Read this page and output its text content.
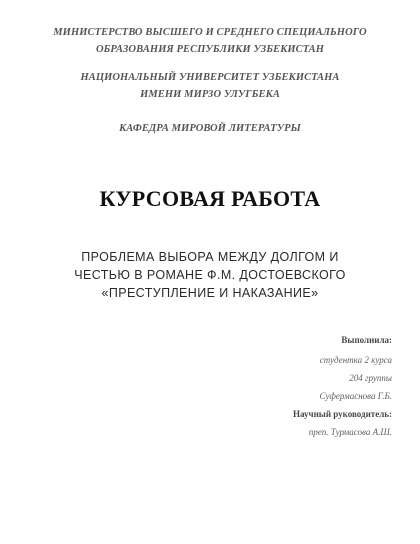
МИНИСТЕРСТВО ВЫСШЕГО И СРЕДНЕГО СПЕЦИАЛЬНОГО
ОБРАЗОВАНИЯ РЕСПУБЛИКИ УЗБЕКИСТАН
НАЦИОНАЛЬНЫЙ УНИВЕРСИТЕТ УЗБЕКИСТАНА
ИМЕНИ МИРЗО УЛУГБЕКА
КАФЕДРА МИРОВОЙ ЛИТЕРАТУРЫ
КУРСОВАЯ РАБОТА
ПРОБЛЕМА ВЫБОРА МЕЖДУ ДОЛГОМ И
ЧЕСТЬЮ В РОМАНЕ Ф.М. ДОСТОЕВСКОГО
«ПРЕСТУПЛЕНИЕ И НАКАЗАНИЕ»
Выполнила:
студентка 2 курса
204 группы
Суфермаснова Г.Б.
Научный руководитель:
преп. Турмасова А.Ш.
